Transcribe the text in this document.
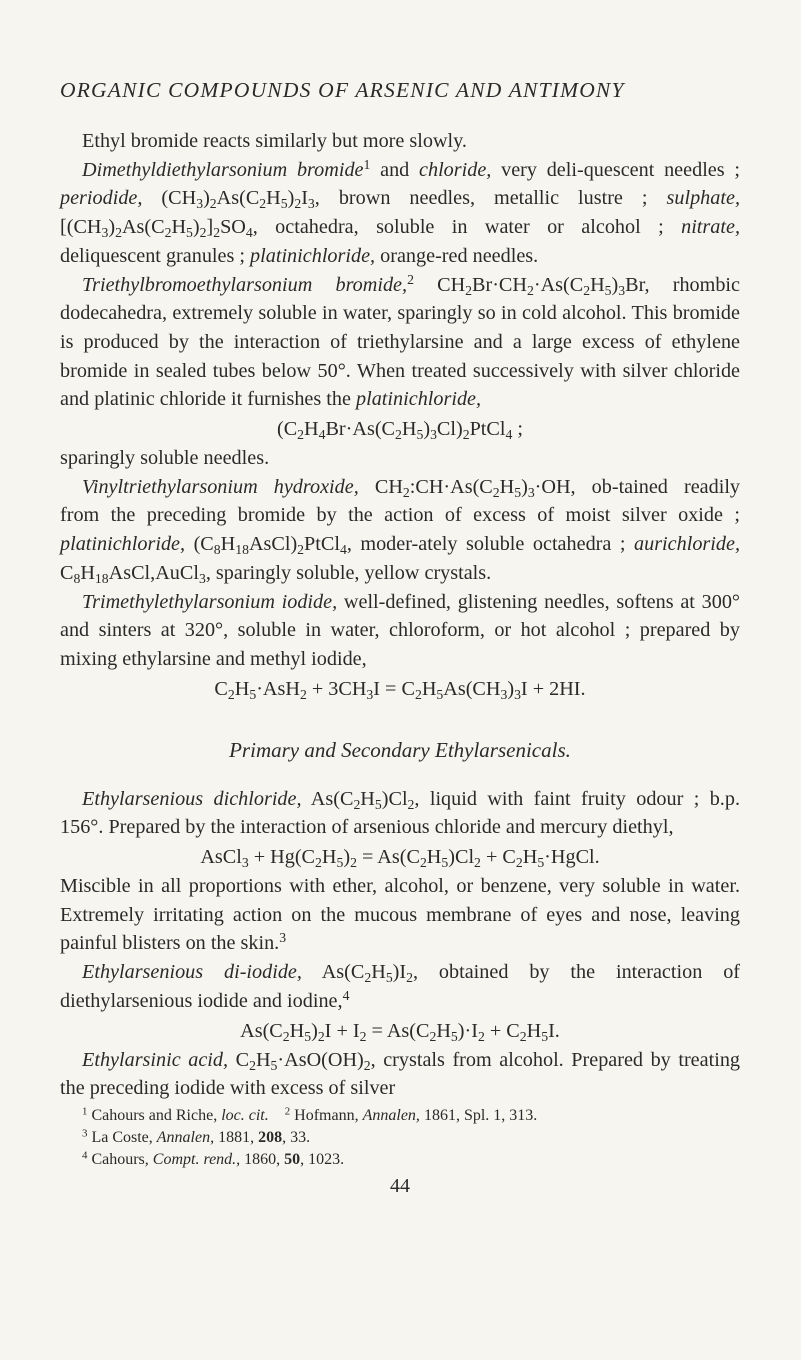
ORGANIC COMPOUNDS OF ARSENIC AND ANTIMONY

Ethyl bromide reacts similarly but more slowly.

Dimethyldiethylarsonium bromide$^1$ and chloride, very deli-quescent needles ; periodide, $(CH_3)_2As(C_2H_5)_2I_3$, brown needles, metallic lustre ; sulphate, $[(CH_3)_2As(C_2H_5)_2]_2SO_4$, octahedra, soluble in water or alcohol ; nitrate, deliquescent granules ; platinichloride, orange-red needles.

Triethylbromoethylarsonium bromide,$^2$ $CH_2Br\cdot CH_2\cdot As(C_2H_5)_3Br$, rhombic dodecahedra, extremely soluble in water, sparingly so in cold alcohol. This bromide is produced by the interaction of triethylarsine and a large excess of ethylene bromide in sealed tubes below 50°. When treated successively with silver chloride and platinic chloride it furnishes the platinichloride,

$(C_2H_4Br\cdot As(C_2H_5)_3Cl)_2PtCl_4$ ;

sparingly soluble needles.

Vinyltriethylarsonium hydroxide, $CH_2:CH\cdot As(C_2H_5)_3\cdot OH$, ob-tained readily from the preceding bromide by the action of excess of moist silver oxide ; platinichloride, $(C_8H_{18}AsCl)_2PtCl_4$, moder-ately soluble octahedra ; aurichloride, $C_8H_{18}AsCl,AuCl_3$, sparingly soluble, yellow crystals.

Trimethylethylarsonium iodide, well-defined, glistening needles, softens at 300° and sinters at 320°, soluble in water, chloroform, or hot alcohol ; prepared by mixing ethylarsine and methyl iodide,

$C_2H_5\cdot AsH_2 + 3CH_3I = C_2H_5As(CH_3)_3I + 2HI$.

Primary and Secondary Ethylarsenicals.

Ethylarsenious dichloride, $As(C_2H_5)Cl_2$, liquid with faint fruity odour ; b.p. 156°. Prepared by the interaction of arsenious chloride and mercury diethyl,

AsCl$_3$ + $Hg(C_2H_5)_2 = As(C_2H_5)Cl_2$ + $C_2H_5\cdot HgCl$.

Miscible in all proportions with ether, alcohol, or benzene, very soluble in water. Extremely irritating action on the mucous membrane of eyes and nose, leaving painful blisters on the skin.$^3$

Ethylarsenious di-iodide, $As(C_2H_5)I_2$, obtained by the interaction of diethylarsenious iodide and iodine,$^4$

$As(C_2H_5)_2I + I_2 = As(C_2H_5)\cdot I_2 + C_2H_5I$.

Ethylarsinic acid, $C_2H_5\cdot AsO(OH)_2$, crystals from alcohol. Prepared by treating the preceding iodide with excess of silver

$^1$ Cahours and Riche, loc. cit. $^2$ Hofmann, Annalen, 1861, Spl. 1, 313.
$^3$ La Coste, Annalen, 1881, 208, 33.
$^4$ Cahours, Compt. rend., 1860, 50, 1023.
44
